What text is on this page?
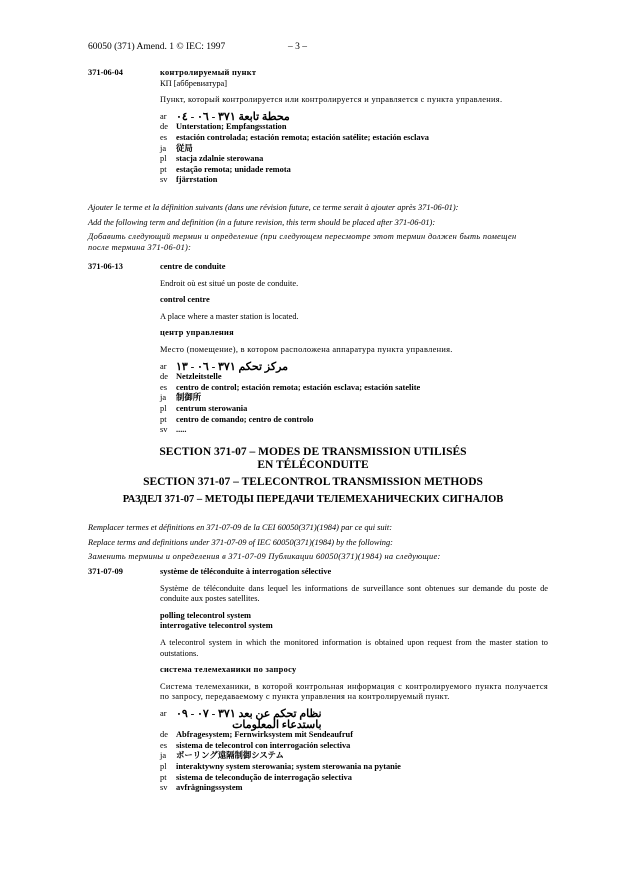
60050 (371) Amend. 1 © IEC: 1997	– 3 –
371-06-04	контролируемый пункт
КП [аббревиатура]
Пункт, который контролируется или контролируется и управляется с пункта управления.
ar محطة تابعة ٣٧١ - ٠٦ - ٠٤
de Unterstation; Empfangsstation
es	estación controlada; estación remota; estación satélite; estación esclava
ja	従局
pl	stacja zdalnie sterowana
pt	estação remota; unidade remota
sv	fjärrstation
Ajouter le terme et la définition suivants (dans une révision future, ce terme serait à ajouter après 371-06-01):
Add the following term and definition (in a future revision, this term should be placed after 371-06-01):
Добавить следующий термин и определение (при следующем пересмотре этот термин должен быть помещен после термина 371-06-01):
371-06-13	centre de conduite
Endroit où est situé un poste de conduite.
control centre
A place where a master station is located.
центр управления
Место (помещение), в котором расположена аппаратура пункта управления.
ar مركز تحكم ٣٧١ - ٠٦ - ١٣
de Netzleitstelle
es	centro de control; estación remota; estación esclava; estación satelite
ja	制御所
pl	centrum sterowania
pt	centro de comando; centro de controlo
sv	.....
SECTION 371-07 – MODES DE TRANSMISSION UTILISÉS
EN TÉLÉCONDUITE
SECTION 371-07 – TELECONTROL TRANSMISSION METHODS
РАЗДЕЛ 371-07 – МЕТОДЫ ПЕРЕДАЧИ ТЕЛЕМЕХАНИЧЕСКИХ СИГНАЛОВ
Remplacer termes et définitions en 371-07-09 de la CEI 60050(371)(1984) par ce qui suit:
Replace terms and definitions under 371-07-09 of IEC 60050(371)(1984) by the following:
Заменить термины и определения в 371-07-09 Публикации 60050(371)(1984) на следующие:
371-07-09	système de téléconduite à interrogation sélective
Système de téléconduite dans lequel les informations de surveillance sont obtenues sur demande du poste de conduite aux postes satellites.
polling telecontrol system
interrogative telecontrol system
A telecontrol system in which the monitored information is obtained upon request from the master station to outstations.
система телемеханики по запросу
Система телемеханики, в которой контрольная информация с контролируемого пункта получается по запросу, передаваемому с пункта управления на контролируемый пункт.
ar نظام تحكم عن بعد ٣٧١ - ٠٧ - ٠٩
باستدعاء المعلومات
de Abfragesystem; Fernwirksystem mit Sendeaufruf
es	sistema de telecontrol con interrogación selectiva
ja	ポーリング遠隔制御システム
pl	interaktywny system sterowania; system sterowania na pytanie
pt	sistema de telecondução de interrogação selectiva
sv	avfrågningssystem
